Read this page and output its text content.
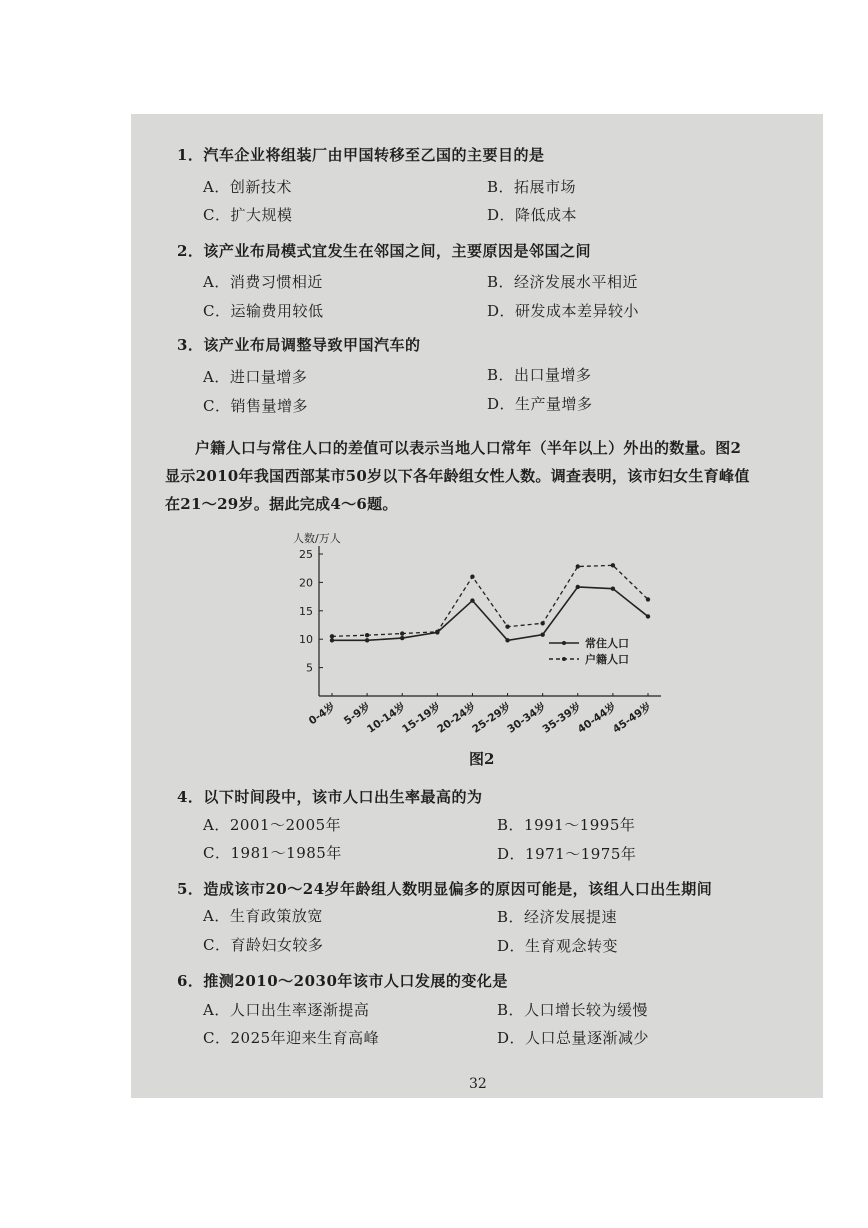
1．汽车企业将组装厂由甲国转移至乙国的主要目的是
A．创新技术	B．拓展市场
C．扩大规模	D．降低成本
2．该产业布局模式宜发生在邻国之间，主要原因是邻国之间
A．消费习惯相近	B．经济发展水平相近
C．运输费用较低	D．研发成本差异较小
3．该产业布局调整导致甲国汽车的
A．进口量增多	B．出口量增多
C．销售量增多	D．生产量增多

户籍人口与常住人口的差值可以表示当地人口常年（半年以上）外出的数量。图2

显示2010年我国西部某市50岁以下各年龄组女性人数。调查表明，该市妇女生育峰值

在21～29岁。据此完成4～6题。

人数/万人
5
10
15
20
25
0-4岁 5-9岁
10-14岁
15-19岁
20-24岁
25-29岁
30-34岁
35-39岁
40-44岁
45-49岁
常住人口
户籍人口
图2
4．以下时间段中，该市人口出生率最高的为
A．2001～2005年	B．1991～1995年
C．1981～1985年	D．1971～1975年
5．造成该市20～24岁年龄组人数明显偏多的原因可能是，该组人口出生期间
A．生育政策放宽	B．经济发展提速
C．育龄妇女较多	D．生育观念转变
6．推测2010～2030年该市人口发展的变化是
A．人口出生率逐渐提高	B．人口增长较为缓慢
C．2025年迎来生育高峰	D．人口总量逐渐减少
32
